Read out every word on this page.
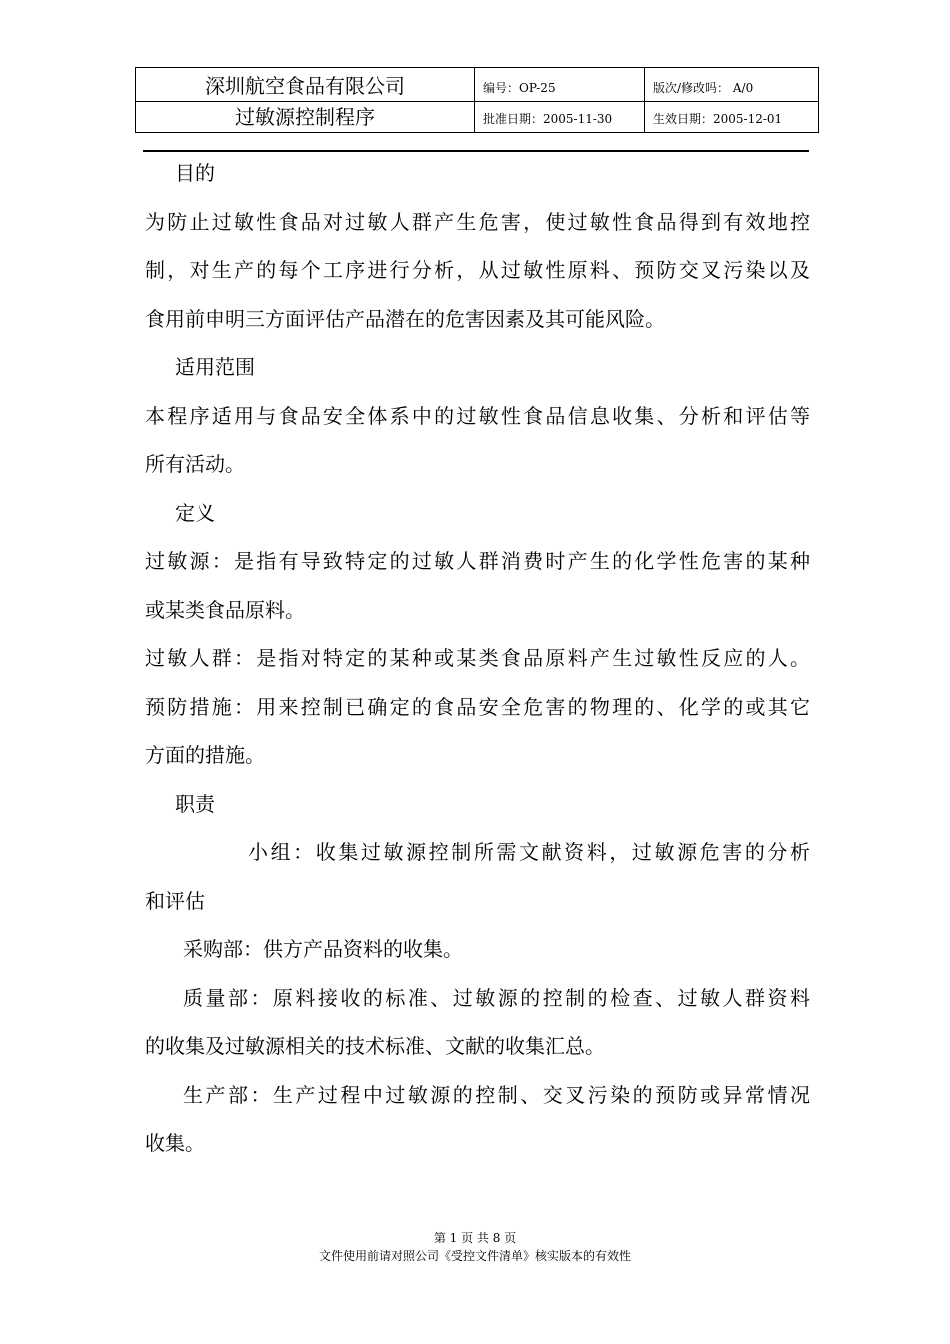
深圳航空食品有限公司	编号：OP-25	版次/修改吗： A/0
过敏源控制程序	批准日期：2005-11-30	生效日期：2005-12-01
目的
为防止过敏性食品对过敏人群产生危害，使过敏性食品得到有效地控
制，对生产的每个工序进行分析，从过敏性原料、预防交叉污染以及
食用前申明三方面评估产品潜在的危害因素及其可能风险。
适用范围
本程序适用与食品安全体系中的过敏性食品信息收集、分析和评估等
所有活动。
定义
过敏源：是指有导致特定的过敏人群消费时产生的化学性危害的某种
或某类食品原料。
过敏人群：是指对特定的某种或某类食品原料产生过敏性反应的人。
预防措施：用来控制已确定的食品安全危害的物理的、化学的或其它
方面的措施。
职责
小组：收集过敏源控制所需文献资料，过敏源危害的分析
和评估
采购部：供方产品资料的收集。
质量部：原料接收的标准、过敏源的控制的检查、过敏人群资料
的收集及过敏源相关的技术标准、文献的收集汇总。
生产部：生产过程中过敏源的控制、交叉污染的预防或异常情况
收集。
第 1 页 共 8 页
文件使用前请对照公司《受控文件清单》核实版本的有效性
